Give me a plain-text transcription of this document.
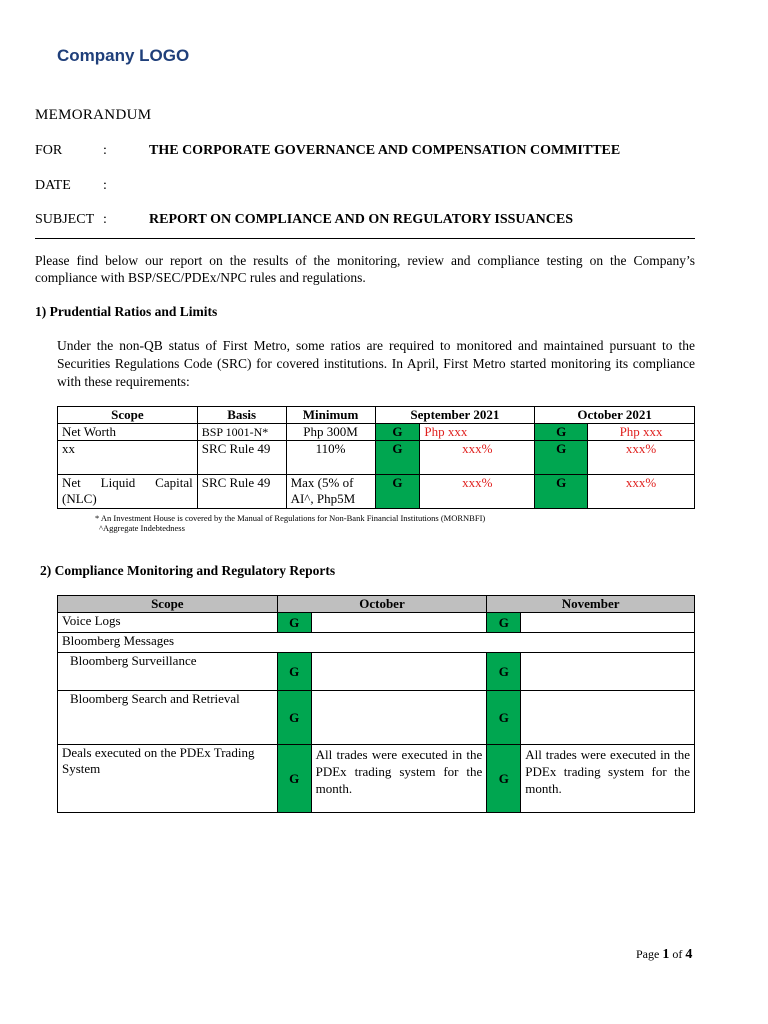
Company LOGO
MEMORANDUM
FOR	:	THE CORPORATE GOVERNANCE AND COMPENSATION COMMITTEE
DATE	:
SUBJECT :	REPORT ON COMPLIANCE AND ON REGULATORY ISSUANCES
Please find below our report on the results of the monitoring, review and compliance testing on the Company’s compliance with BSP/SEC/PDEx/NPC rules and regulations.
1) Prudential Ratios and Limits
Under the non-QB status of First Metro, some ratios are required to monitored and maintained pursuant to the Securities Regulations Code (SRC) for covered institutions. In April, First Metro started monitoring its compliance with these requirements:
Scope	Basis	Minimum	September 2021		October 2021	
Net Worth	BSP 1001-N*	Php 300M	G	Php xxx	G	Php xxx
xx	SRC Rule 49	110%	G	xxx%	G	xxx%
Net Liquid Capital (NLC)	SRC Rule 49	Max (5% of AI^, Php5M	G	xxx%	G	xxx%
* An Investment House is covered by the Manual of Regulations for Non-Bank Financial Institutions (MORNBFI)
^Aggregate Indebtedness
2) Compliance Monitoring and Regulatory Reports
Scope	October		November	
Voice Logs	G		G	
Bloomberg Messages				
Bloomberg Surveillance	G		G	
Bloomberg Search and Retrieval	G		G	
Deals executed on the PDEx Trading System	G	All trades were executed in the PDEx trading system for the month.	G	All trades were executed in the PDEx trading system for the month.
Page 1 of 4
